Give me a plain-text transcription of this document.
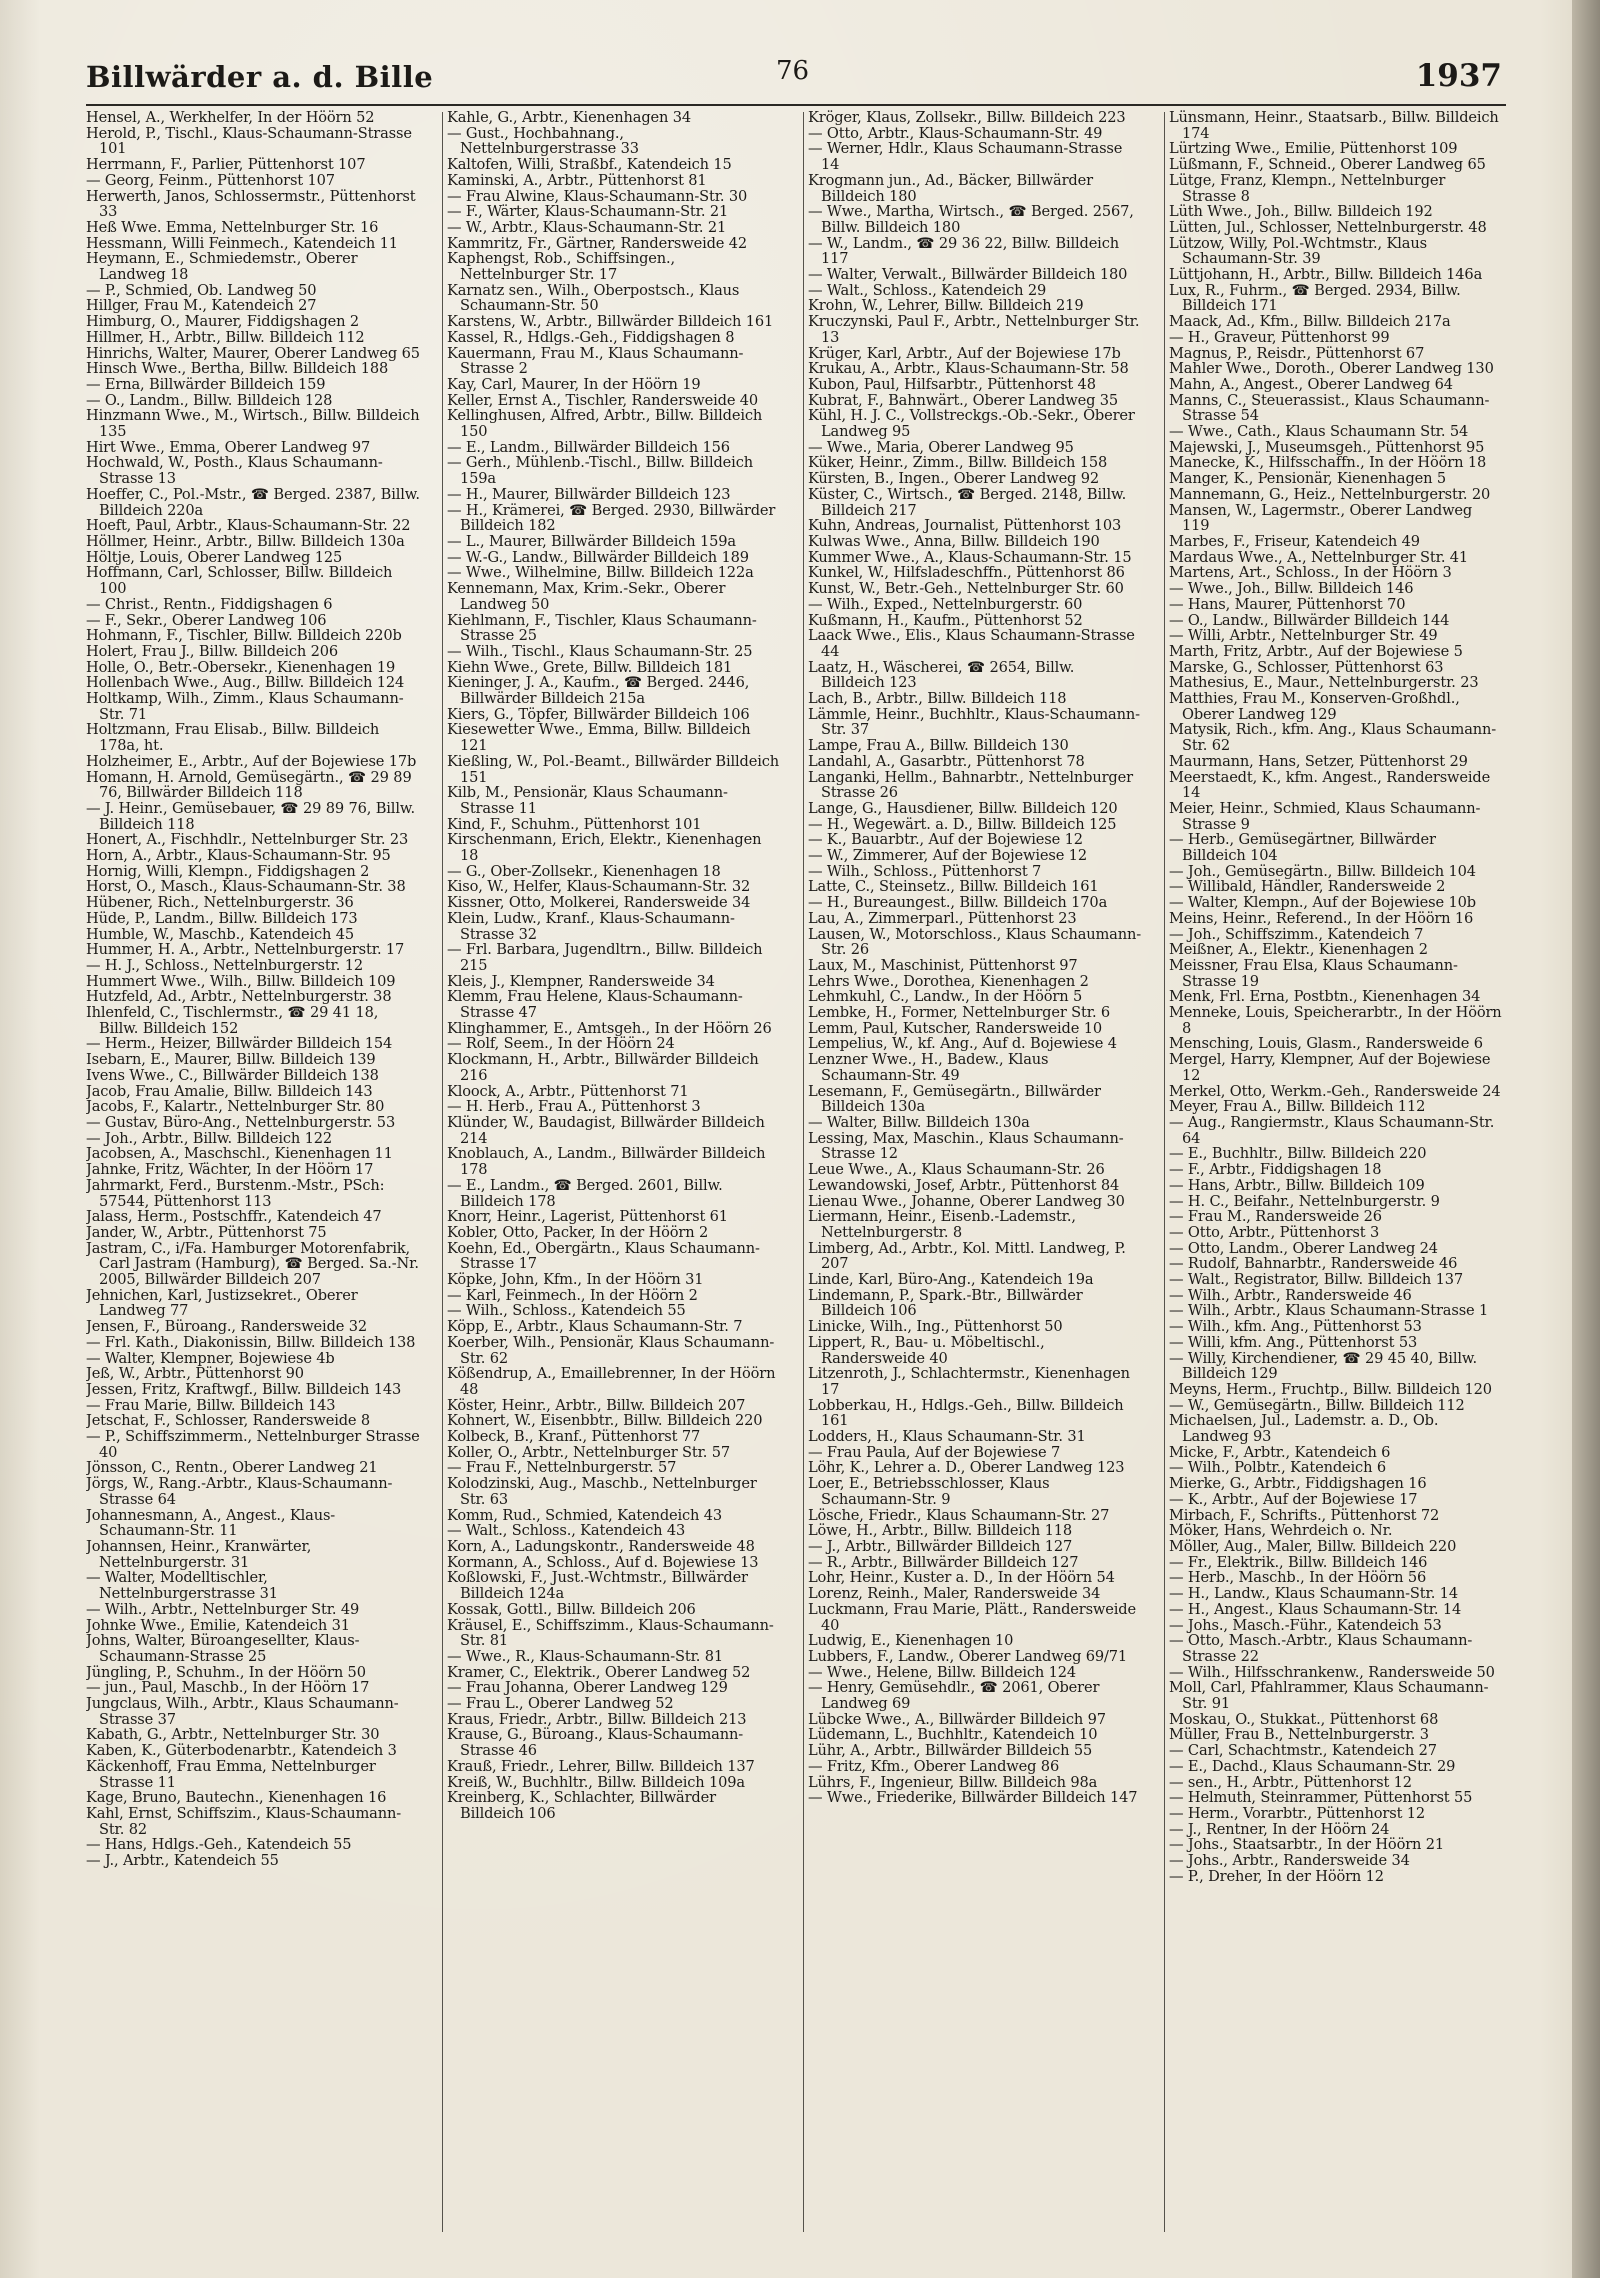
Billwärder a. d. Bille	76	1937
Hensel, A., Werkhelfer, In der Höörn 52
Herold, P., Tischl., Klaus-Schaumann-Strasse 101
Herrmann, F., Parlier, Püttenhorst 107
— Georg, Feinm., Püttenhorst 107
Herwerth, Janos, Schlossermstr., Püttenhorst 33
Heß Wwe. Emma, Nettelnburger Str. 16
Hessmann, Willi Feinmech., Katendeich 11
Heymann, E., Schmiedemstr., Oberer Landweg 18
— P., Schmied, Ob. Landweg 50
Hillger, Frau M., Katendeich 27
Himburg, O., Maurer, Fiddigshagen 2
Hillmer, H., Arbtr., Billw. Billdeich 112
Hinrichs, Walter, Maurer, Oberer Landweg 65
Hinsch Wwe., Bertha, Billw. Billdeich 188
— Erna, Billwärder Billdeich 159
— O., Landm., Billw. Billdeich 128
Hinzmann Wwe., M., Wirtsch., Billw. Billdeich 135
Hirt Wwe., Emma, Oberer Landweg 97
Hochwald, W., Posth., Klaus Schaumann-Strasse 13
Hoeffer, C., Pol.-Mstr., ☎ Berged. 2387, Billw. Billdeich 220a
Hoeft, Paul, Arbtr., Klaus-Schaumann-Str. 22
Höllmer, Heinr., Arbtr., Billw. Billdeich 130a
Höltje, Louis, Oberer Landweg 125
Hoffmann, Carl, Schlosser, Billw. Billdeich 100
— Christ., Rentn., Fiddigshagen 6
— F., Sekr., Oberer Landweg 106
Hohmann, F., Tischler, Billw. Billdeich 220b
Holert, Frau J., Billw. Billdeich 206
Holle, O., Betr.-Obersekr., Kienenhagen 19
Hollenbach Wwe., Aug., Billw. Billdeich 124
Holtkamp, Wilh., Zimm., Klaus Schaumann-Str. 71
Holtzmann, Frau Elisab., Billw. Billdeich 178a, ht.
Holzheimer, E., Arbtr., Auf der Bojewiese 17b
Homann, H. Arnold, Gemüsegärtn., ☎ 29 89 76, Billwärder Billdeich 118
— J. Heinr., Gemüsebauer, ☎ 29 89 76, Billw. Billdeich 118
Honert, A., Fischhdlr., Nettelnburger Str. 23
Horn, A., Arbtr., Klaus-Schaumann-Str. 95
Hornig, Willi, Klempn., Fiddigshagen 2
Horst, O., Masch., Klaus-Schaumann-Str. 38
Hübener, Rich., Nettelnburgerstr. 36
Hüde, P., Landm., Billw. Billdeich 173
Humble, W., Maschb., Katendeich 45
Hummer, H. A., Arbtr., Nettelnburgerstr. 17
— H. J., Schloss., Nettelnburgerstr. 12
Hummert Wwe., Wilh., Billw. Billdeich 109
Hutzfeld, Ad., Arbtr., Nettelnburgerstr. 38
Ihlenfeld, C., Tischlermstr., ☎ 29 41 18, Billw. Billdeich 152
— Herm., Heizer, Billwärder Billdeich 154
Isebarn, E., Maurer, Billw. Billdeich 139
Ivens Wwe., C., Billwärder Billdeich 138
Jacob, Frau Amalie, Billw. Billdeich 143
Jacobs, F., Kalartr., Nettelnburger Str. 80
— Gustav, Büro-Ang., Nettelnburgerstr. 53
— Joh., Arbtr., Billw. Billdeich 122
Jacobsen, A., Maschschl., Kienenhagen 11
Jahnke, Fritz, Wächter, In der Höörn 17
Jahrmarkt, Ferd., Burstenm.-Mstr., PSch: 57544, Püttenhorst 113
Jalass, Herm., Postschffr., Katendeich 47
Jander, W., Arbtr., Püttenhorst 75
Jastram, C., i/Fa. Hamburger Motorenfabrik, Carl Jastram (Hamburg), ☎ Berged. Sa.-Nr. 2005, Billwärder Billdeich 207
Jehnichen, Karl, Justizsekret., Oberer Landweg 77
Jensen, F., Büroang., Randersweide 32
— Frl. Kath., Diakonissin, Billw. Billdeich 138
— Walter, Klempner, Bojewiese 4b
Jeß, W., Arbtr., Püttenhorst 90
Jessen, Fritz, Kraftwgf., Billw. Billdeich 143
— Frau Marie, Billw. Billdeich 143
Jetschat, F., Schlosser, Randersweide 8
— P., Schiffszimmerm., Nettelnburger Strasse 40
Jönsson, C., Rentn., Oberer Landweg 21
Jörgs, W., Rang.-Arbtr., Klaus-Schaumann-Strasse 64
Johannesmann, A., Angest., Klaus-Schaumann-Str. 11
Johannsen, Heinr., Kranwärter, Nettelnburgerstr. 31
— Walter, Modelltischler, Nettelnburgerstrasse 31
— Wilh., Arbtr., Nettelnburger Str. 49
Johnke Wwe., Emilie, Katendeich 31
Johns, Walter, Büroangesellter, Klaus-Schaumann-Strasse 25
Jüngling, P., Schuhm., In der Höörn 50
— jun., Paul, Maschb., In der Höörn 17
Jungclaus, Wilh., Arbtr., Klaus Schaumann-Strasse 37
Kabath, G., Arbtr., Nettelnburger Str. 30
Kaben, K., Güterbodenarbtr., Katendeich 3
Käckenhoff, Frau Emma, Nettelnburger Strasse 11
Kage, Bruno, Bautechn., Kienenhagen 16
Kahl, Ernst, Schiffszim., Klaus-Schaumann-Str. 82
— Hans, Hdlgs.-Geh., Katendeich 55
— J., Arbtr., Katendeich 55
Kahle, G., Arbtr., Kienenhagen 34
— Gust., Hochbahnang., Nettelnburgerstrasse 33
Kaltofen, Willi, Straßbf., Katendeich 15
Kaminski, A., Arbtr., Püttenhorst 81
— Frau Alwine, Klaus-Schaumann-Str. 30
— F., Wärter, Klaus-Schaumann-Str. 21
— W., Arbtr., Klaus-Schaumann-Str. 21
Kammritz, Fr., Gärtner, Randersweide 42
Kaphengst, Rob., Schiffsingen., Nettelnburger Str. 17
Karnatz sen., Wilh., Oberpostsch., Klaus Schaumann-Str. 50
Karstens, W., Arbtr., Billwärder Billdeich 161
Kassel, R., Hdlgs.-Geh., Fiddigshagen 8
Kauermann, Frau M., Klaus Schaumann-Strasse 2
Kay, Carl, Maurer, In der Höörn 19
Keller, Ernst A., Tischler, Randersweide 40
Kellinghusen, Alfred, Arbtr., Billw. Billdeich 150
— E., Landm., Billwärder Billdeich 156
— Gerh., Mühlenb.-Tischl., Billw. Billdeich 159a
— H., Maurer, Billwärder Billdeich 123
— H., Krämerei, ☎ Berged. 2930, Billwärder Billdeich 182
— L., Maurer, Billwärder Billdeich 159a
— W.-G., Landw., Billwärder Billdeich 189
— Wwe., Wilhelmine, Billw. Billdeich 122a
Kennemann, Max, Krim.-Sekr., Oberer Landweg 50
Kiehlmann, F., Tischler, Klaus Schaumann-Strasse 25
— Wilh., Tischl., Klaus Schaumann-Str. 25
Kiehn Wwe., Grete, Billw. Billdeich 181
Kieninger, J. A., Kaufm., ☎ Berged. 2446, Billwärder Billdeich 215a
Kiers, G., Töpfer, Billwärder Billdeich 106
Kiesewetter Wwe., Emma, Billw. Billdeich 121
Kießling, W., Pol.-Beamt., Billwärder Billdeich 151
Kilb, M., Pensionär, Klaus Schaumann-Strasse 11
Kind, F., Schuhm., Püttenhorst 101
Kirschenmann, Erich, Elektr., Kienenhagen 18
— G., Ober-Zollsekr., Kienenhagen 18
Kiso, W., Helfer, Klaus-Schaumann-Str. 32
Kissner, Otto, Molkerei, Randersweide 34
Klein, Ludw., Kranf., Klaus-Schaumann-Strasse 32
— Frl. Barbara, Jugendltrn., Billw. Billdeich 215
Kleis, J., Klempner, Randersweide 34
Klemm, Frau Helene, Klaus-Schaumann-Strasse 47
Klinghammer, E., Amtsgeh., In der Höörn 26
— Rolf, Seem., In der Höörn 24
Klockmann, H., Arbtr., Billwärder Billdeich 216
Kloock, A., Arbtr., Püttenhorst 71
— H. Herb., Frau A., Püttenhorst 3
Klünder, W., Baudagist, Billwärder Billdeich 214
Knoblauch, A., Landm., Billwärder Billdeich 178
— E., Landm., ☎ Berged. 2601, Billw. Billdeich 178
Knorr, Heinr., Lagerist, Püttenhorst 61
Kobler, Otto, Packer, In der Höörn 2
Koehn, Ed., Obergärtn., Klaus Schaumann-Strasse 17
Köpke, John, Kfm., In der Höörn 31
— Karl, Feinmech., In der Höörn 2
— Wilh., Schloss., Katendeich 55
Köpp, E., Arbtr., Klaus Schaumann-Str. 7
Koerber, Wilh., Pensionär, Klaus Schaumann-Str. 62
Kößendrup, A., Emaillebrenner, In der Höörn 48
Köster, Heinr., Arbtr., Billw. Billdeich 207
Kohnert, W., Eisenbbtr., Billw. Billdeich 220
Kolbeck, B., Kranf., Püttenhorst 77
Koller, O., Arbtr., Nettelnburger Str. 57
— Frau F., Nettelnburgerstr. 57
Kolodzinski, Aug., Maschb., Nettelnburger Str. 63
Komm, Rud., Schmied, Katendeich 43
— Walt., Schloss., Katendeich 43
Korn, A., Ladungskontr., Randersweide 48
Kormann, A., Schloss., Auf d. Bojewiese 13
Koßlowski, F., Just.-Wchtmstr., Billwärder Billdeich 124a
Kossak, Gottl., Billw. Billdeich 206
Kräusel, E., Schiffszimm., Klaus-Schaumann-Str. 81
— Wwe., R., Klaus-Schaumann-Str. 81
Kramer, C., Elektrik., Oberer Landweg 52
— Frau Johanna, Oberer Landweg 129
— Frau L., Oberer Landweg 52
Kraus, Friedr., Arbtr., Billw. Billdeich 213
Krause, G., Büroang., Klaus-Schaumann-Strasse 46
Krauß, Friedr., Lehrer, Billw. Billdeich 137
Kreiß, W., Buchhltr., Billw. Billdeich 109a
Kreinberg, K., Schlachter, Billwärder Billdeich 106
Kröger, Klaus, Zollsekr., Billw. Billdeich 223
— Otto, Arbtr., Klaus-Schaumann-Str. 49
— Werner, Hdlr., Klaus Schaumann-Strasse 14
Krogmann jun., Ad., Bäcker, Billwärder Billdeich 180
— Wwe., Martha, Wirtsch., ☎ Berged. 2567, Billw. Billdeich 180
— W., Landm., ☎ 29 36 22, Billw. Billdeich 117
— Walter, Verwalt., Billwärder Billdeich 180
— Walt., Schloss., Katendeich 29
Krohn, W., Lehrer, Billw. Billdeich 219
Kruczynski, Paul F., Arbtr., Nettelnburger Str. 13
Krüger, Karl, Arbtr., Auf der Bojewiese 17b
Krukau, A., Arbtr., Klaus-Schaumann-Str. 58
Kubon, Paul, Hilfsarbtr., Püttenhorst 48
Kubrat, F., Bahnwärt., Oberer Landweg 35
Kühl, H. J. C., Vollstreckgs.-Ob.-Sekr., Oberer Landweg 95
— Wwe., Maria, Oberer Landweg 95
Küker, Heinr., Zimm., Billw. Billdeich 158
Kürsten, B., Ingen., Oberer Landweg 92
Küster, C., Wirtsch., ☎ Berged. 2148, Billw. Billdeich 217
Kuhn, Andreas, Journalist, Püttenhorst 103
Kulwas Wwe., Anna, Billw. Billdeich 190
Kummer Wwe., A., Klaus-Schaumann-Str. 15
Kunkel, W., Hilfsladeschffn., Püttenhorst 86
Kunst, W., Betr.-Geh., Nettelnburger Str. 60
— Wilh., Exped., Nettelnburgerstr. 60
Kußmann, H., Kaufm., Püttenhorst 52
Laack Wwe., Elis., Klaus Schaumann-Strasse 44
Laatz, H., Wäscherei, ☎ 2654, Billw. Billdeich 123
Lach, B., Arbtr., Billw. Billdeich 118
Lämmle, Heinr., Buchhltr., Klaus-Schaumann-Str. 37
Lampe, Frau A., Billw. Billdeich 130
Landahl, A., Gasarbtr., Püttenhorst 78
Langanki, Hellm., Bahnarbtr., Nettelnburger Strasse 26
Lange, G., Hausdiener, Billw. Billdeich 120
— H., Wegewärt. a. D., Billw. Billdeich 125
— K., Bauarbtr., Auf der Bojewiese 12
— W., Zimmerer, Auf der Bojewiese 12
— Wilh., Schloss., Püttenhorst 7
Latte, C., Steinsetz., Billw. Billdeich 161
— H., Bureaungest., Billw. Billdeich 170a
Lau, A., Zimmerparl., Püttenhorst 23
Lausen, W., Motorschloss., Klaus Schaumann-Str. 26
Laux, M., Maschinist, Püttenhorst 97
Lehrs Wwe., Dorothea, Kienenhagen 2
Lehmkuhl, C., Landw., In der Höörn 5
Lembke, H., Former, Nettelnburger Str. 6
Lemm, Paul, Kutscher, Randersweide 10
Lempelius, W., kf. Ang., Auf d. Bojewiese 4
Lenzner Wwe., H., Badew., Klaus Schaumann-Str. 49
Lesemann, F., Gemüsegärtn., Billwärder Billdeich 130a
— Walter, Billw. Billdeich 130a
Lessing, Max, Maschin., Klaus Schaumann-Strasse 12
Leue Wwe., A., Klaus Schaumann-Str. 26
Lewandowski, Josef, Arbtr., Püttenhorst 84
Lienau Wwe., Johanne, Oberer Landweg 30
Liermann, Heinr., Eisenb.-Lademstr., Nettelnburgerstr. 8
Limberg, Ad., Arbtr., Kol. Mittl. Landweg, P. 207
Linde, Karl, Büro-Ang., Katendeich 19a
Lindemann, P., Spark.-Btr., Billwärder Billdeich 106
Linicke, Wilh., Ing., Püttenhorst 50
Lippert, R., Bau- u. Möbeltischl., Randersweide 40
Litzenroth, J., Schlachtermstr., Kienenhagen 17
Lobberkau, H., Hdlgs.-Geh., Billw. Billdeich 161
Lodders, H., Klaus Schaumann-Str. 31
— Frau Paula, Auf der Bojewiese 7
Löhr, K., Lehrer a. D., Oberer Landweg 123
Loer, E., Betriebsschlosser, Klaus Schaumann-Str. 9
Lösche, Friedr., Klaus Schaumann-Str. 27
Löwe, H., Arbtr., Billw. Billdeich 118
— J., Arbtr., Billwärder Billdeich 127
— R., Arbtr., Billwärder Billdeich 127
Lohr, Heinr., Kuster a. D., In der Höörn 54
Lorenz, Reinh., Maler, Randersweide 34
Luckmann, Frau Marie, Plätt., Randersweide 40
Ludwig, E., Kienenhagen 10
Lubbers, F., Landw., Oberer Landweg 69/71
— Wwe., Helene, Billw. Billdeich 124
— Henry, Gemüsehdlr., ☎ 2061, Oberer Landweg 69
Lübcke Wwe., A., Billwärder Billdeich 97
Lüdemann, L., Buchhltr., Katendeich 10
Lühr, A., Arbtr., Billwärder Billdeich 55
— Fritz, Kfm., Oberer Landweg 86
Lührs, F., Ingenieur, Billw. Billdeich 98a
— Wwe., Friederike, Billwärder Billdeich 147
Lünsmann, Heinr., Staatsarb., Billw. Billdeich 174
Lürtzing Wwe., Emilie, Püttenhorst 109
Lüßmann, F., Schneid., Oberer Landweg 65
Lütge, Franz, Klempn., Nettelnburger Strasse 8
Lüth Wwe., Joh., Billw. Billdeich 192
Lütten, Jul., Schlosser, Nettelnburgerstr. 48
Lützow, Willy, Pol.-Wchtmstr., Klaus Schaumann-Str. 39
Lüttjohann, H., Arbtr., Billw. Billdeich 146a
Lux, R., Fuhrm., ☎ Berged. 2934, Billw. Billdeich 171
Maack, Ad., Kfm., Billw. Billdeich 217a
— H., Graveur, Püttenhorst 99
Magnus, P., Reisdr., Püttenhorst 67
Mahler Wwe., Doroth., Oberer Landweg 130
Mahn, A., Angest., Oberer Landweg 64
Manns, C., Steuerassist., Klaus Schaumann-Strasse 54
— Wwe., Cath., Klaus Schaumann Str. 54
Majewski, J., Museumsgeh., Püttenhorst 95
Manecke, K., Hilfsschaffn., In der Höörn 18
Manger, K., Pensionär, Kienenhagen 5
Mannemann, G., Heiz., Nettelnburgerstr. 20
Mansen, W., Lagermstr., Oberer Landweg 119
Marbes, F., Friseur, Katendeich 49
Mardaus Wwe., A., Nettelnburger Str. 41
Martens, Art., Schloss., In der Höörn 3
— Wwe., Joh., Billw. Billdeich 146
— Hans, Maurer, Püttenhorst 70
— O., Landw., Billwärder Billdeich 144
— Willi, Arbtr., Nettelnburger Str. 49
Marth, Fritz, Arbtr., Auf der Bojewiese 5
Marske, G., Schlosser, Püttenhorst 63
Mathesius, E., Maur., Nettelnburgerstr. 23
Matthies, Frau M., Konserven-Großhdl., Oberer Landweg 129
Matysik, Rich., kfm. Ang., Klaus Schaumann-Str. 62
Maurmann, Hans, Setzer, Püttenhorst 29
Meerstaedt, K., kfm. Angest., Randersweide 14
Meier, Heinr., Schmied, Klaus Schaumann-Strasse 9
— Herb., Gemüsegärtner, Billwärder Billdeich 104
— Joh., Gemüsegärtn., Billw. Billdeich 104
— Willibald, Händler, Randersweide 2
— Walter, Klempn., Auf der Bojewiese 10b
Meins, Heinr., Referend., In der Höörn 16
— Joh., Schiffszimm., Katendeich 7
Meißner, A., Elektr., Kienenhagen 2
Meissner, Frau Elsa, Klaus Schaumann-Strasse 19
Menk, Frl. Erna, Postbtn., Kienenhagen 34
Menneke, Louis, Speicherarbtr., In der Höörn 8
Mensching, Louis, Glasm., Randersweide 6
Mergel, Harry, Klempner, Auf der Bojewiese 12
Merkel, Otto, Werkm.-Geh., Randersweide 24
Meyer, Frau A., Billw. Billdeich 112
— Aug., Rangiermstr., Klaus Schaumann-Str. 64
— E., Buchhltr., Billw. Billdeich 220
— F., Arbtr., Fiddigshagen 18
— Hans, Arbtr., Billw. Billdeich 109
— H. C., Beifahr., Nettelnburgerstr. 9
— Frau M., Randersweide 26
— Otto, Arbtr., Püttenhorst 3
— Otto, Landm., Oberer Landweg 24
— Rudolf, Bahnarbtr., Randersweide 46
— Walt., Registrator, Billw. Billdeich 137
— Wilh., Arbtr., Randersweide 46
— Wilh., Arbtr., Klaus Schaumann-Strasse 1
— Wilh., kfm. Ang., Püttenhorst 53
— Willi, kfm. Ang., Püttenhorst 53
— Willy, Kirchendiener, ☎ 29 45 40, Billw. Billdeich 129
Meyns, Herm., Fruchtp., Billw. Billdeich 120
— W., Gemüsegärtn., Billw. Billdeich 112
Michaelsen, Jul., Lademstr. a. D., Ob. Landweg 93
Micke, F., Arbtr., Katendeich 6
— Wilh., Polbtr., Katendeich 6
Mierke, G., Arbtr., Fiddigshagen 16
— K., Arbtr., Auf der Bojewiese 17
Mirbach, F., Schrifts., Püttenhorst 72
Möker, Hans, Wehrdeich o. Nr.
Möller, Aug., Maler, Billw. Billdeich 220
— Fr., Elektrik., Billw. Billdeich 146
— Herb., Maschb., In der Höörn 56
— H., Landw., Klaus Schaumann-Str. 14
— H., Angest., Klaus Schaumann-Str. 14
— Johs., Masch.-Führ., Katendeich 53
— Otto, Masch.-Arbtr., Klaus Schaumann-Strasse 22
— Wilh., Hilfsschrankenw., Randersweide 50
Moll, Carl, Pfahlrammer, Klaus Schaumann-Str. 91
Moskau, O., Stukkat., Püttenhorst 68
Müller, Frau B., Nettelnburgerstr. 3
— Carl, Schachtmstr., Katendeich 27
— E., Dachd., Klaus Schaumann-Str. 29
— sen., H., Arbtr., Püttenhorst 12
— Helmuth, Steinrammer, Püttenhorst 55
— Herm., Vorarbtr., Püttenhorst 12
— J., Rentner, In der Höörn 24
— Johs., Staatsarbtr., In der Höörn 21
— Johs., Arbtr., Randersweide 34
— P., Dreher, In der Höörn 12
